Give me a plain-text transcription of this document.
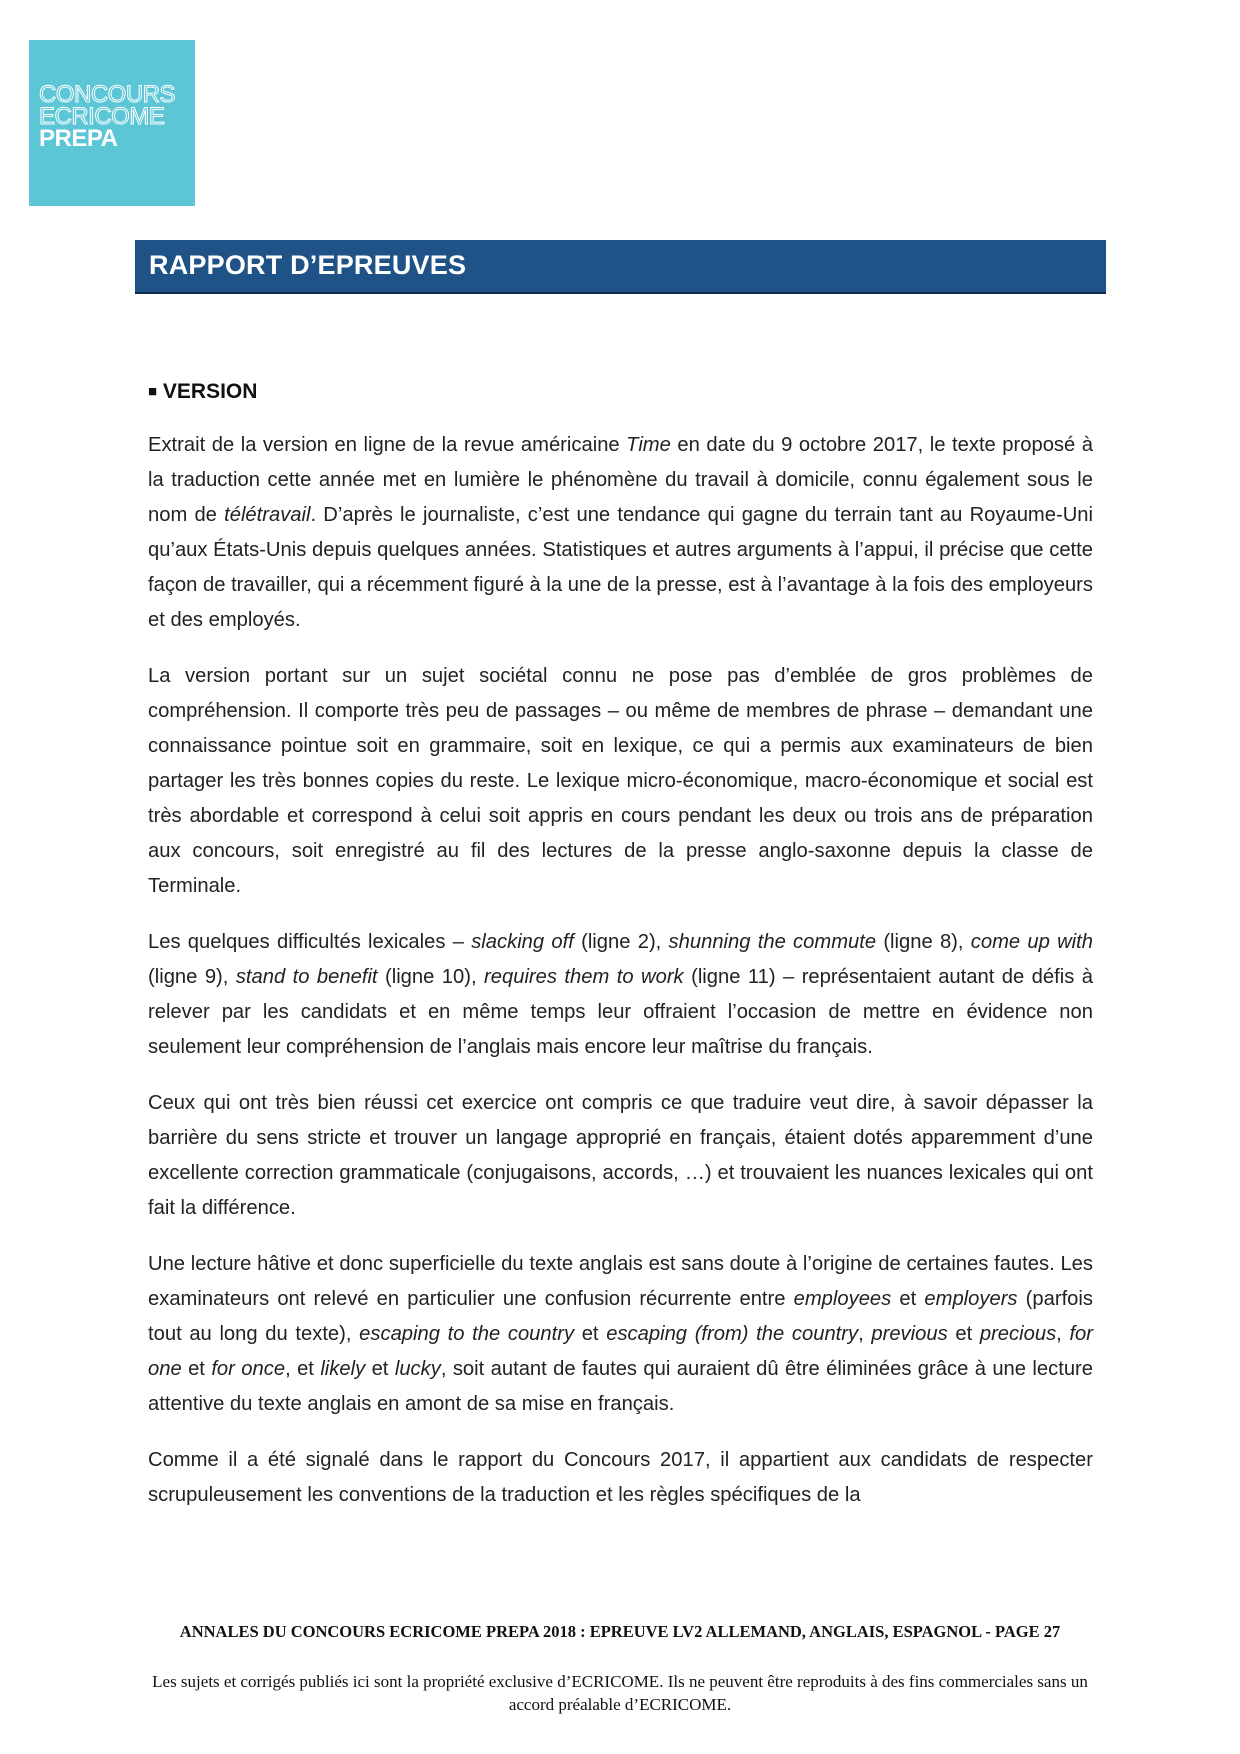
CONCOURS
ECRICOME
PREPA
RAPPORT D’EPREUVES
■ VERSION

Extrait de la version en ligne de la revue américaine Time en date du 9 octobre 2017, le texte proposé à la traduction cette année met en lumière le phénomène du travail à domicile, connu également sous le nom de télétravail. D’après le journaliste, c’est une tendance qui gagne du terrain tant au Royaume-Uni qu’aux États-Unis depuis quelques années. Statistiques et autres arguments à l’appui, il précise que cette façon de travailler, qui a récemment figuré à la une de la presse, est à l’avantage à la fois des employeurs et des employés.

La version portant sur un sujet sociétal connu ne pose pas d’emblée de gros problèmes de compréhension. Il comporte très peu de passages – ou même de membres de phrase – demandant une connaissance pointue soit en grammaire, soit en lexique, ce qui a permis aux examinateurs de bien partager les très bonnes copies du reste. Le lexique micro-économique, macro-économique et social est très abordable et correspond à celui soit appris en cours pendant les deux ou trois ans de préparation aux concours, soit enregistré au fil des lectures de la presse anglo-saxonne depuis la classe de Terminale.

Les quelques difficultés lexicales – slacking off (ligne 2), shunning the commute (ligne 8), come up with (ligne 9), stand to benefit (ligne 10), requires them to work (ligne 11) – représentaient autant de défis à relever par les candidats et en même temps leur offraient l’occasion de mettre en évidence non seulement leur compréhension de l’anglais mais encore leur maîtrise du français.

Ceux qui ont très bien réussi cet exercice ont compris ce que traduire veut dire, à savoir dépasser la barrière du sens stricte et trouver un langage approprié en français, étaient dotés apparemment d’une excellente correction grammaticale (conjugaisons, accords, …) et trouvaient les nuances lexicales qui ont fait la différence.

Une lecture hâtive et donc superficielle du texte anglais est sans doute à l’origine de certaines fautes. Les examinateurs ont relevé en particulier une confusion récurrente entre employees et employers (parfois tout au long du texte), escaping to the country et escaping (from) the country, previous et precious, for one et for once, et likely et lucky, soit autant de fautes qui auraient dû être éliminées grâce à une lecture attentive du texte anglais en amont de sa mise en français.

Comme il a été signalé dans le rapport du Concours 2017, il appartient aux candidats de respecter scrupuleusement les conventions de la traduction et les règles spécifiques de la

ANNALES DU CONCOURS ECRICOME PREPA 2018 : EPREUVE LV2 ALLEMAND, ANGLAIS, ESPAGNOL - PAGE 27
Les sujets et corrigés publiés ici sont la propriété exclusive d’ECRICOME. Ils ne peuvent être reproduits à des fins commerciales sans un accord préalable d’ECRICOME.
